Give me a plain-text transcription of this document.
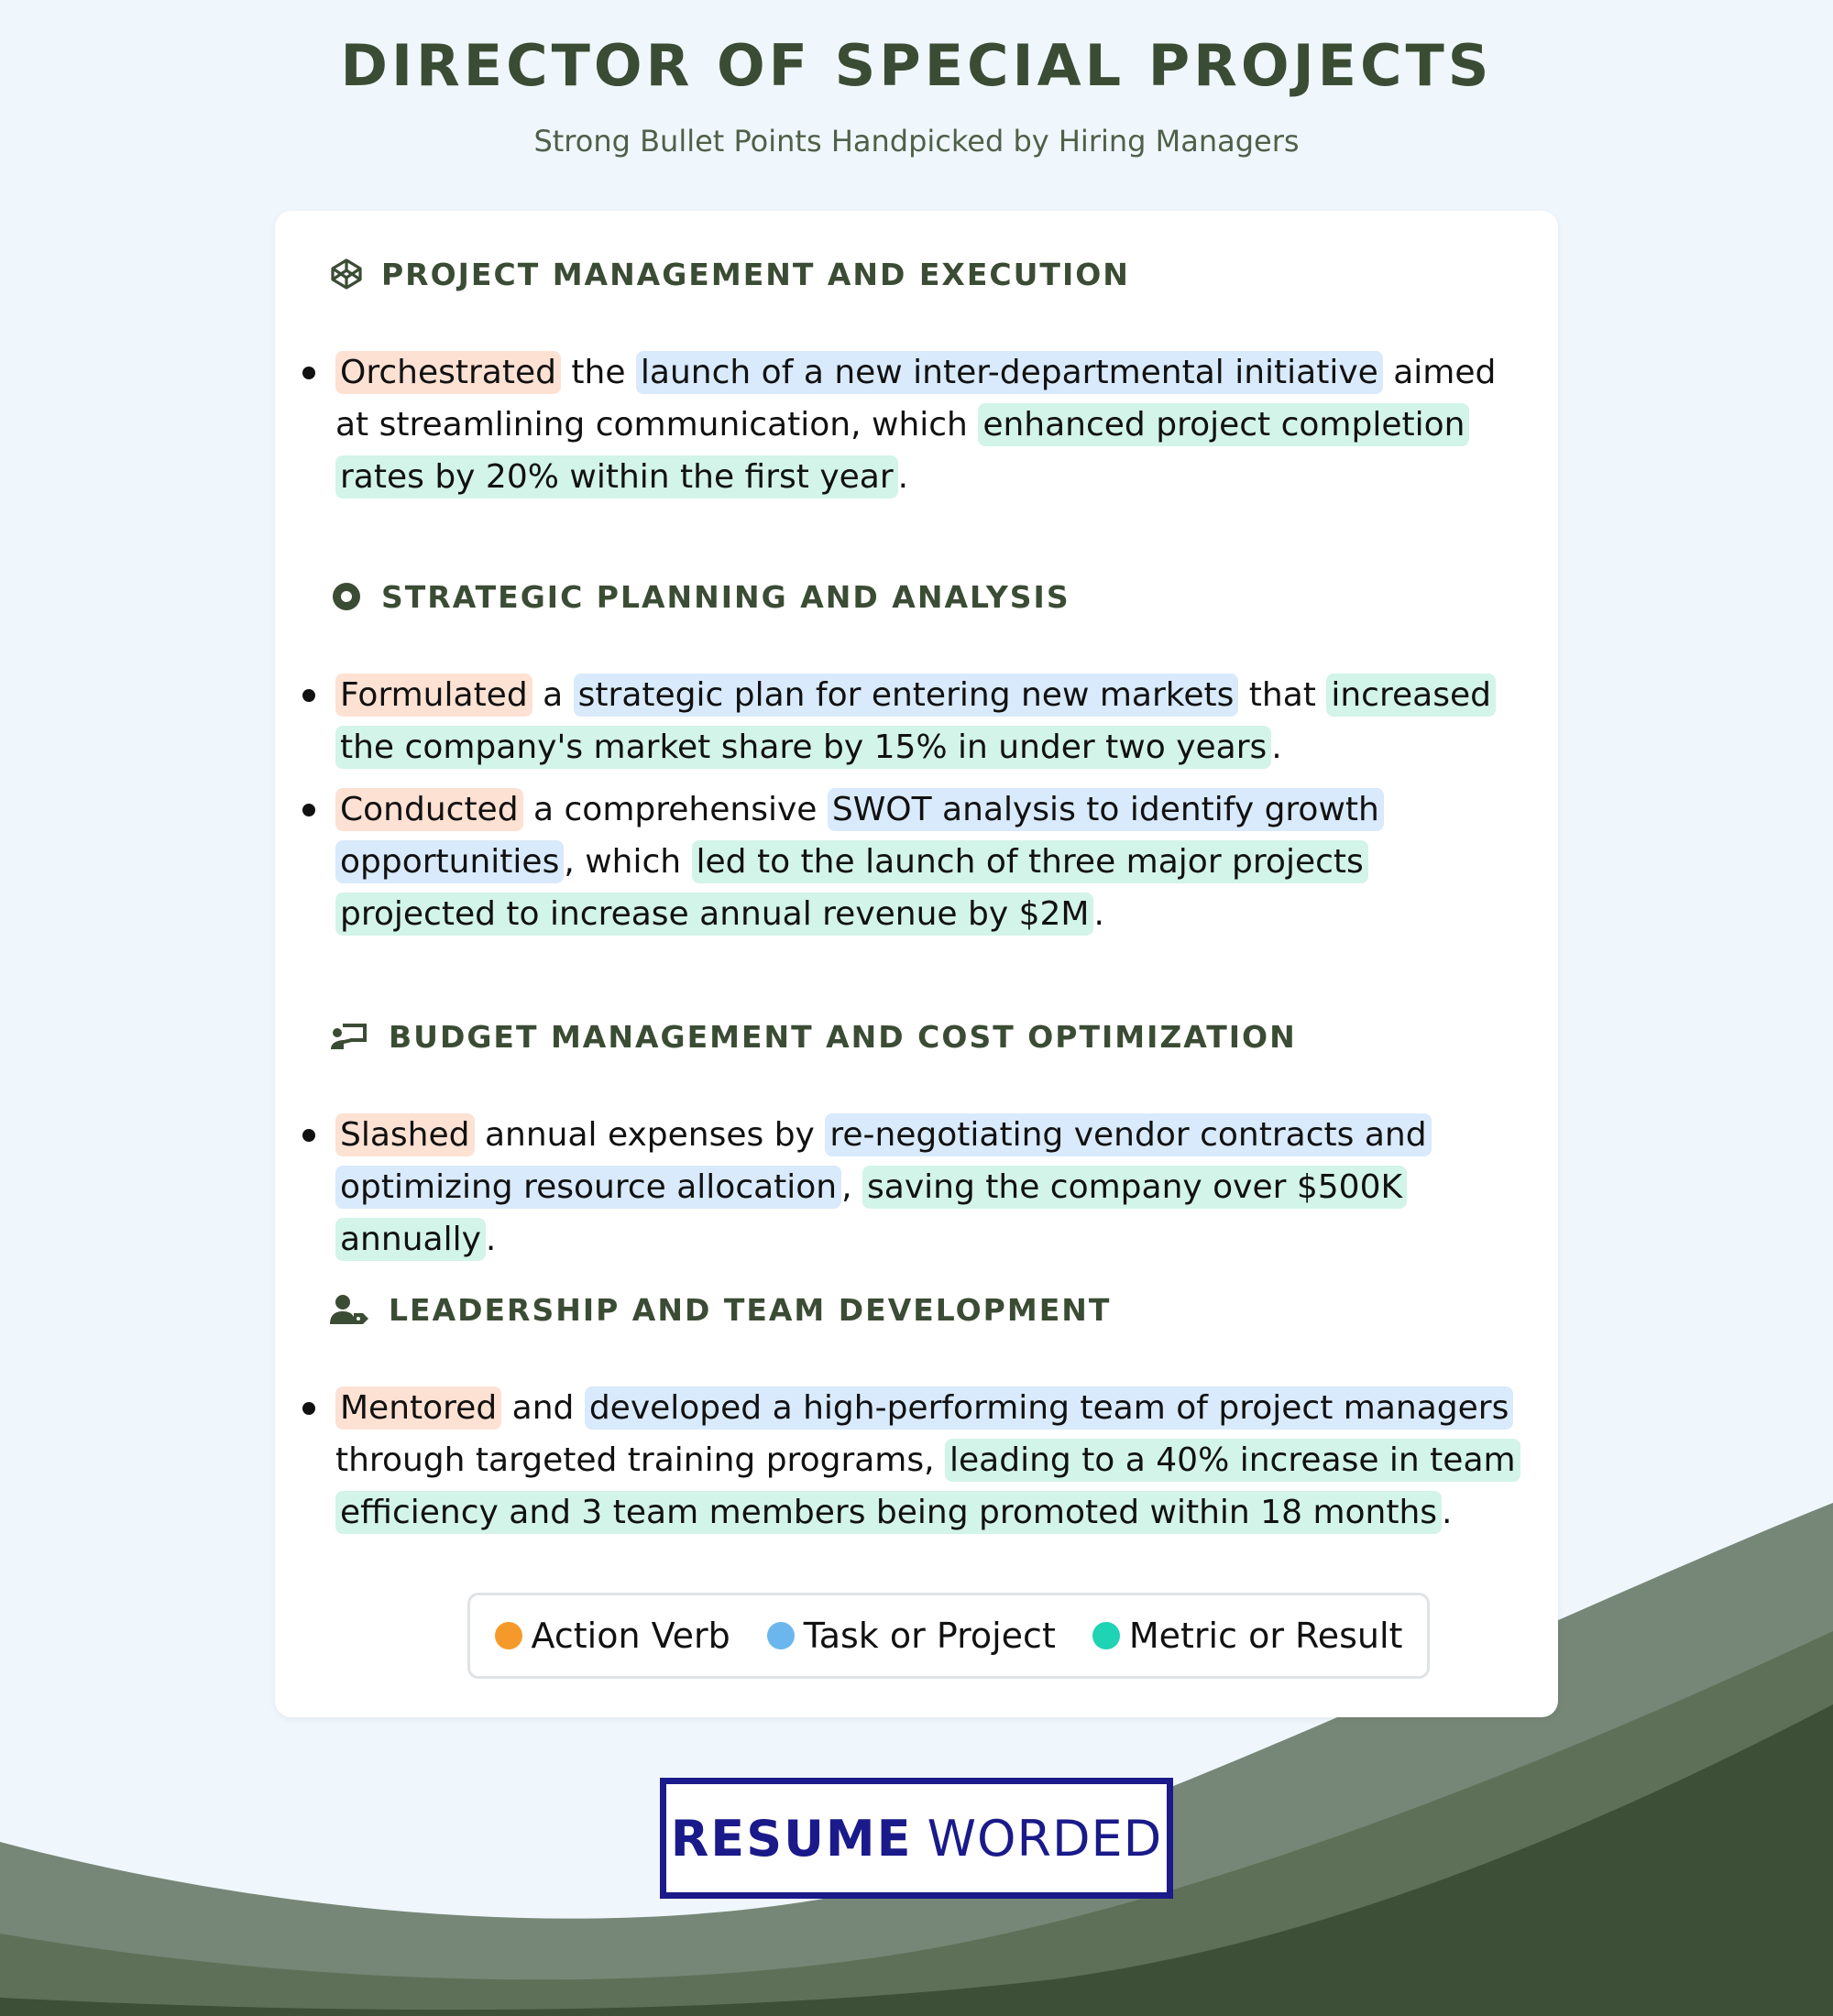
DIRECTOR OF SPECIAL PROJECTS
Strong Bullet Points Handpicked by Hiring Managers
PROJECT MANAGEMENT AND EXECUTION
Orchestrated the launch of a new inter-departmental initiative aimed at streamlining communication, which enhanced project completion rates by 20% within the first year .
STRATEGIC PLANNING AND ANALYSIS
Formulated a strategic plan for entering new markets that increased the company's market share by 15% in under two years .
Conducted a comprehensive SWOT analysis to identify growth opportunities , which led to the launch of three major projects projected to increase annual revenue by $2M .
BUDGET MANAGEMENT AND COST OPTIMIZATION
Slashed annual expenses by re-negotiating vendor contracts and optimizing resource allocation , saving the company over $500K annually .
LEADERSHIP AND TEAM DEVELOPMENT
Mentored and developed a high-performing team of project managers through targeted training programs, leading to a 40% increase in team efficiency and 3 team members being promoted within 18 months .
Action Verb Task or Project Metric or Result
RESUME WORDED
